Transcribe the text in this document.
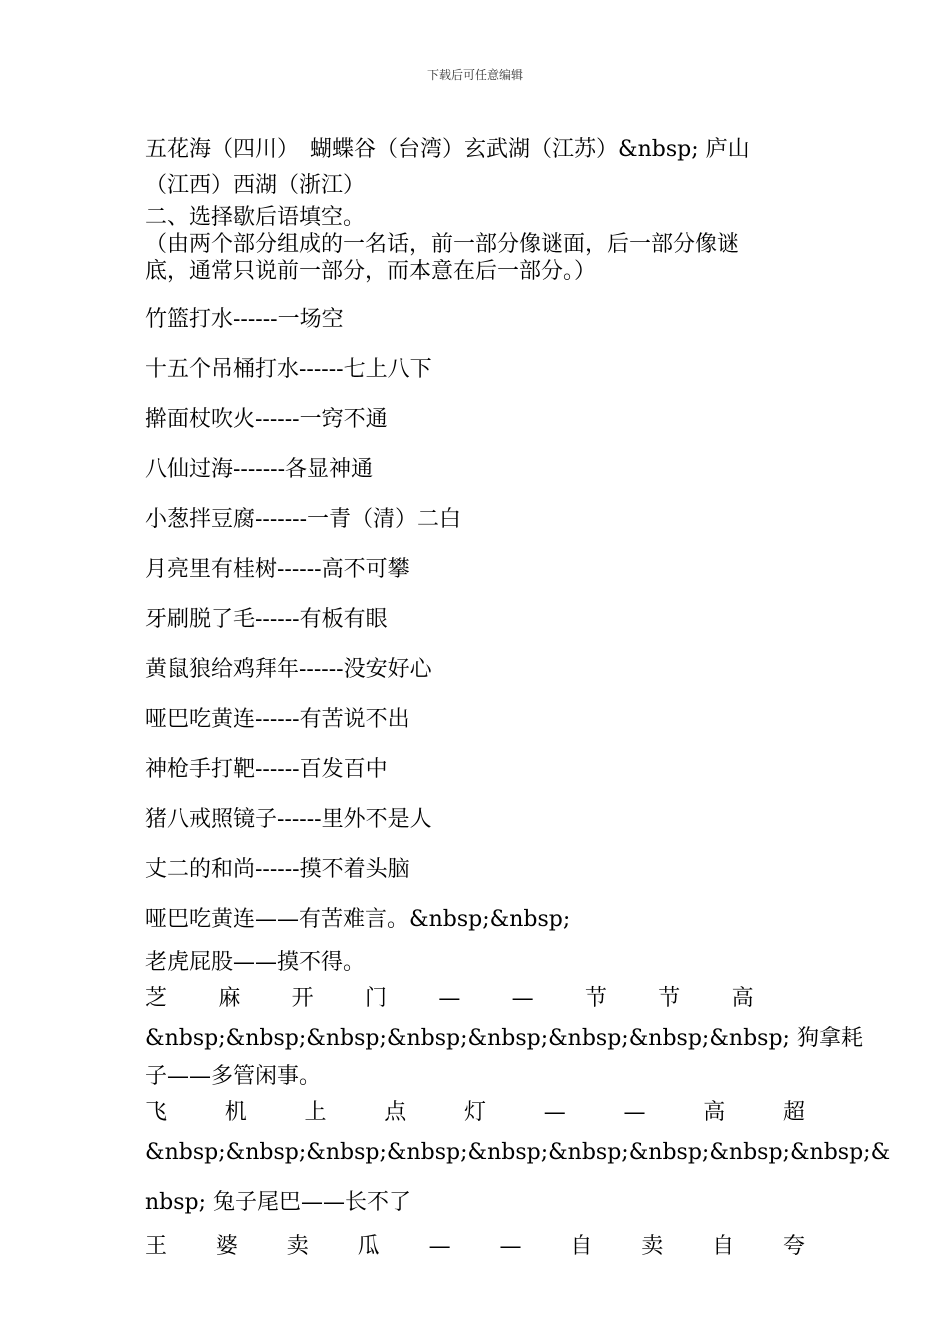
下载后可任意编辑
五花海（四川）　蝴蝶谷（台湾）玄武湖（江苏）&nbsp; 庐山
（江西）西湖（浙江）
二、选择歇后语填空。
（由两个部分组成的一名话，前一部分像谜面，后一部分像谜
底，通常只说前一部分，而本意在后一部分。）
竹篮打水------一场空
十五个吊桶打水------七上八下
擀面杖吹火------一窍不通
八仙过海-------各显神通
小葱拌豆腐-------一青（清）二白
月亮里有桂树------高不可攀
牙刷脱了毛------有板有眼
黄鼠狼给鸡拜年------没安好心
哑巴吃黄连------有苦说不出
神枪手打靶------百发百中
猪八戒照镜子------里外不是人
丈二的和尚------摸不着头脑
哑巴吃黄连——有苦难言。&nbsp;&nbsp;
老虎屁股——摸不得。
芝 麻 开 门 — — 节 节 高
&nbsp;&nbsp;&nbsp;&nbsp;&nbsp;&nbsp;&nbsp;&nbsp; 狗拿耗
子——多管闲事。
飞	机	上	点	灯	—	—	高	超
&nbsp;&nbsp;&nbsp;&nbsp;&nbsp;&nbsp;&nbsp;&nbsp;&nbsp;&
nbsp; 兔子尾巴——长不了
王 婆 卖 瓜 — — 自 卖 自 夸
